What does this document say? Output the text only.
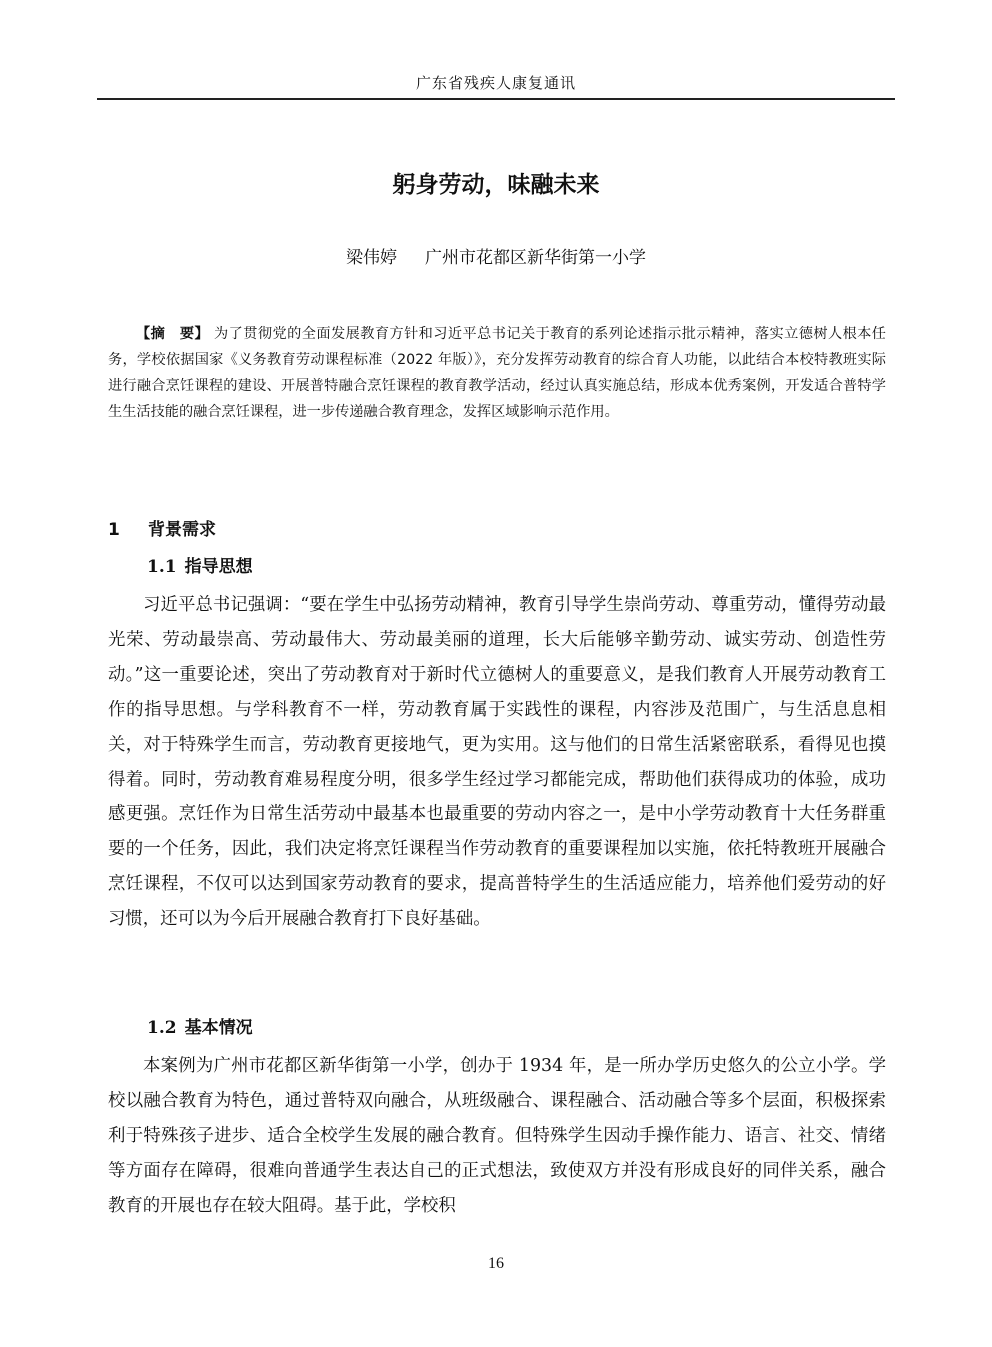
广东省残疾人康复通讯
躬身劳动，味融未来
梁伟婷 广州市花都区新华街第一小学

【摘　要】 为了贯彻党的全面发展教育方针和习近平总书记关于教育的系列论述指示批示精神，落实立德树人根本任务，学校依据国家《义务教育劳动课程标准（2022 年版）》，充分发挥劳动教育的综合育人功能，以此结合本校特教班实际进行融合烹饪课程的建设、开展普特融合烹饪课程的教育教学活动，经过认真实施总结，形成本优秀案例，开发适合普特学生生活技能的融合烹饪课程，进一步传递融合教育理念，发挥区域影响示范作用。

1 背景需求
1.1 指导思想

习近平总书记强调：“要在学生中弘扬劳动精神，教育引导学生崇尚劳动、尊重劳动，懂得劳动最光荣、劳动最崇高、劳动最伟大、劳动最美丽的道理，长大后能够辛勤劳动、诚实劳动、创造性劳动。”这一重要论述，突出了劳动教育对于新时代立德树人的重要意义，是我们教育人开展劳动教育工作的指导思想。与学科教育不一样，劳动教育属于实践性的课程，内容涉及范围广，与生活息息相关，对于特殊学生而言，劳动教育更接地气，更为实用。这与他们的日常生活紧密联系，看得见也摸得着。同时，劳动教育难易程度分明，很多学生经过学习都能完成，帮助他们获得成功的体验，成功感更强。烹饪作为日常生活劳动中最基本也最重要的劳动内容之一，是中小学劳动教育十大任务群重要的一个任务，因此，我们决定将烹饪课程当作劳动教育的重要课程加以实施，依托特教班开展融合烹饪课程，不仅可以达到国家劳动教育的要求，提高普特学生的生活适应能力，培养他们爱劳动的好习惯，还可以为今后开展融合教育打下良好基础。

1.2 基本情况

本案例为广州市花都区新华街第一小学，创办于 1934 年，是一所办学历史悠久的公立小学。学校以融合教育为特色，通过普特双向融合，从班级融合、课程融合、活动融合等多个层面，积极探索利于特殊孩子进步、适合全校学生发展的融合教育。但特殊学生因动手操作能力、语言、社交、情绪等方面存在障碍，很难向普通学生表达自己的正式想法，致使双方并没有形成良好的同伴关系，融合教育的开展也存在较大阻碍。基于此，学校积

16
